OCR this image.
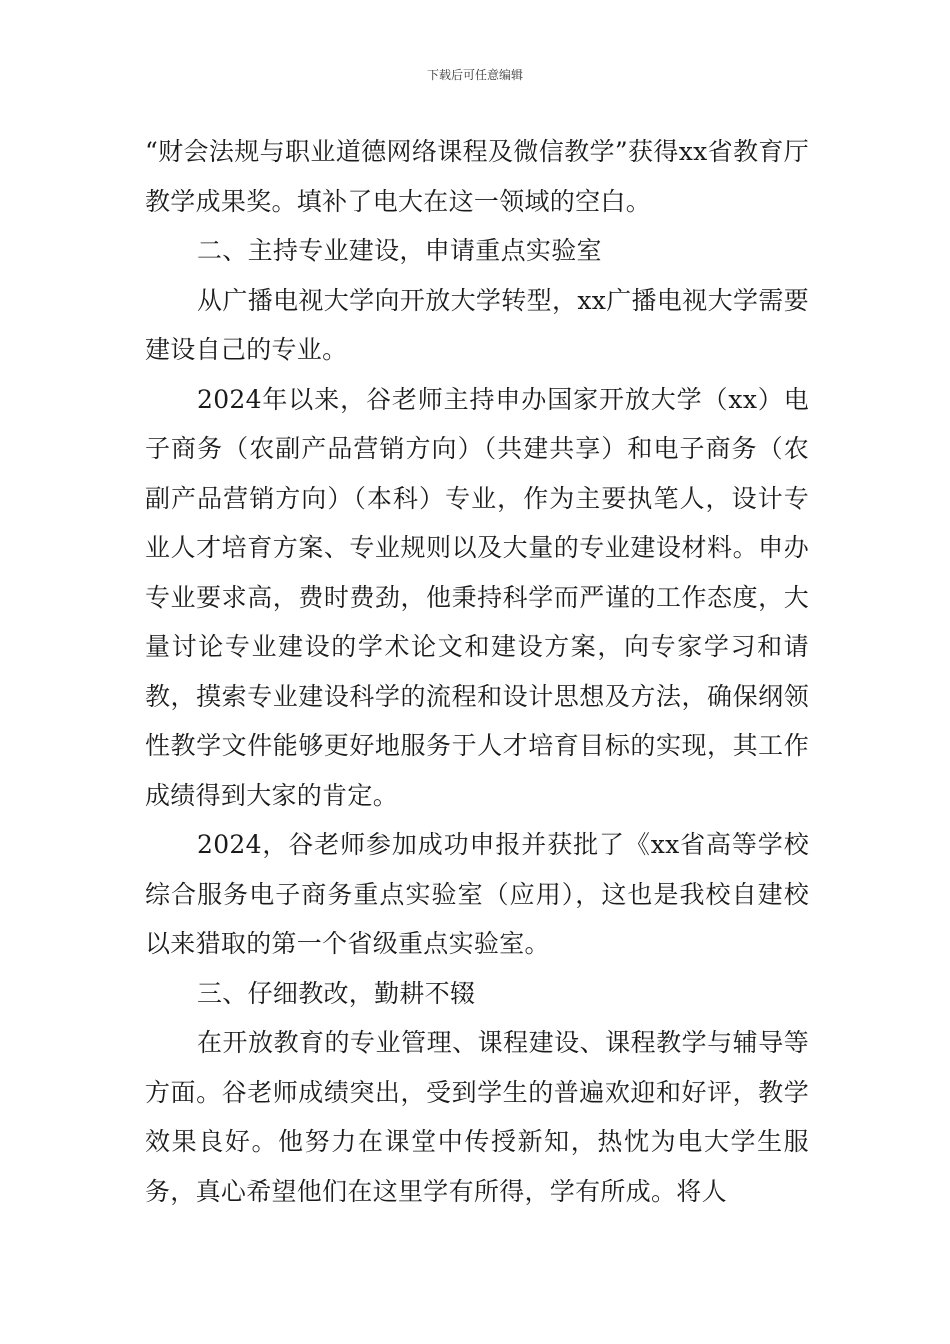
下载后可任意编辑

“财会法规与职业道德网络课程及微信教学”获得xx省教育厅教学成果奖。填补了电大在这一领域的空白。

二、主持专业建设，申请重点实验室

从广播电视大学向开放大学转型，xx广播电视大学需要建设自己的专业。

2024年以来，谷老师主持申办国家开放大学（xx）电子商务（农副产品营销方向）（共建共享）和电子商务（农副产品营销方向）（本科）专业，作为主要执笔人，设计专业人才培育方案、专业规则以及大量的专业建设材料。申办专业要求高，费时费劲，他秉持科学而严谨的工作态度，大量讨论专业建设的学术论文和建设方案，向专家学习和请教，摸索专业建设科学的流程和设计思想及方法，确保纲领性教学文件能够更好地服务于人才培育目标的实现，其工作成绩得到大家的肯定。

2024，谷老师参加成功申报并获批了《xx省高等学校综合服务电子商务重点实验室（应用），这也是我校自建校以来猎取的第一个省级重点实验室。

三、仔细教改，勤耕不辍

在开放教育的专业管理、课程建设、课程教学与辅导等方面。谷老师成绩突出，受到学生的普遍欢迎和好评，教学效果良好。他努力在课堂中传授新知，热忱为电大学生服务，真心希望他们在这里学有所得，学有所成。将人
